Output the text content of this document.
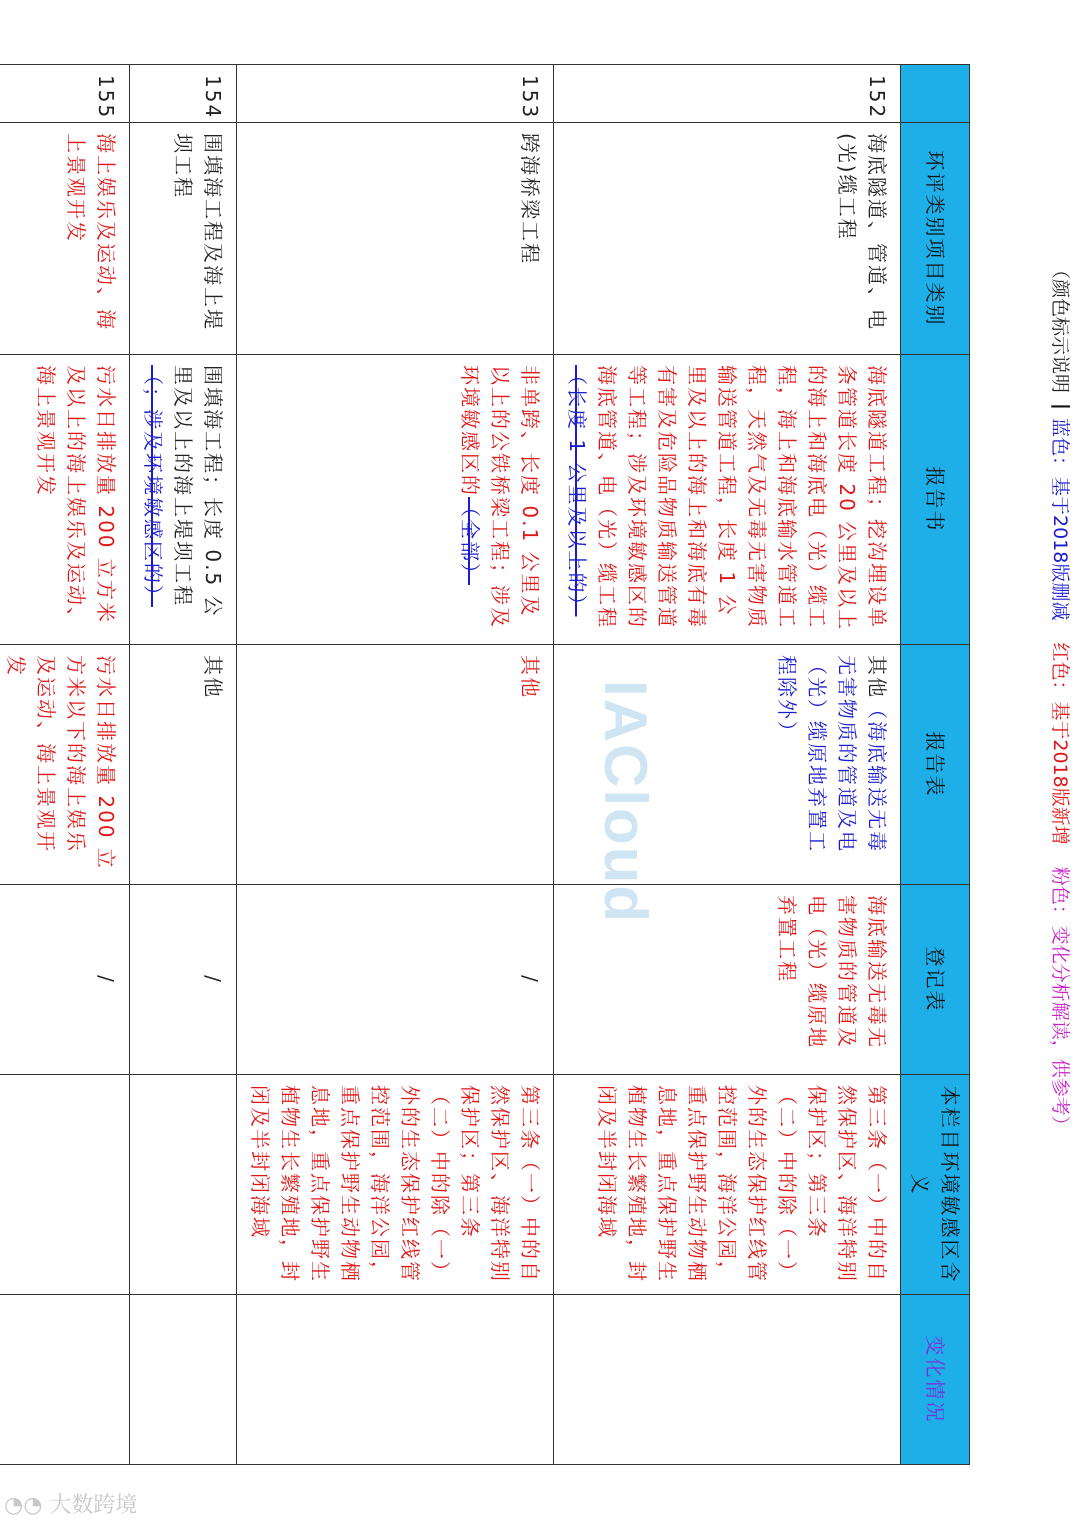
（颜色标示说明
|
蓝色：
基于2018版删减
红色：
基于2018版新增
粉色：
变化分析解读，供参考）
	环评类别项目类别	报告书	报告表	登记表	本栏目环境敏感区含义	变化情况
152	海底隧道、管道、电(光)缆工程	海底隧道工程；挖沟埋设单条管道长度 20 公里及以上的海上和海底电（光）缆工程，海上和海底输水管道工程，天然气及无毒无害物质输送管道工程，长度 1 公里及以上的海上和海底有毒有害及危险品物质输送管道等工程；涉及环境敏感区的海底管道、电（光）缆工程（长度 1 公里及以上的）	其他（海底输送无毒无害物质的管道及电（光）缆原地弃置工程除外）	海底输送无毒无害物质的管道及电（光）缆原地弃置工程	第三条（一）中的自然保护区、海洋特别保护区；第三条（二）中的除（一）外的生态保护红线管控范围，海洋公园，重点保护野生动物栖息地，重点保护野生植物生长繁殖地，封闭及半封闭海域	
153	跨海桥梁工程	非单跨、长度 0.1 公里及以上的公铁桥梁工程；涉及环境敏感区的（全部）	其他	/	第三条（一）中的自然保护区、海洋特别保护区；第三条（二）中的除（一）外的生态保护红线管控范围，海洋公园，重点保护野生动物栖息地，重点保护野生植物生长繁殖地，封闭及半封闭海域	
154	围填海工程及海上堤坝工程	围填海工程；长度 0.5 公里及以上的海上堤坝工程（；涉及环境敏感区的）	其他	/		
155	海上娱乐及运动、海上景观开发	污水日排放量 200 立方米及以上的海上娱乐及运动、海上景观开发	污水日排放量 200 立方米以下的海上娱乐及运动、海上景观开发	/		
IACloud
◔◔ 大数跨境
